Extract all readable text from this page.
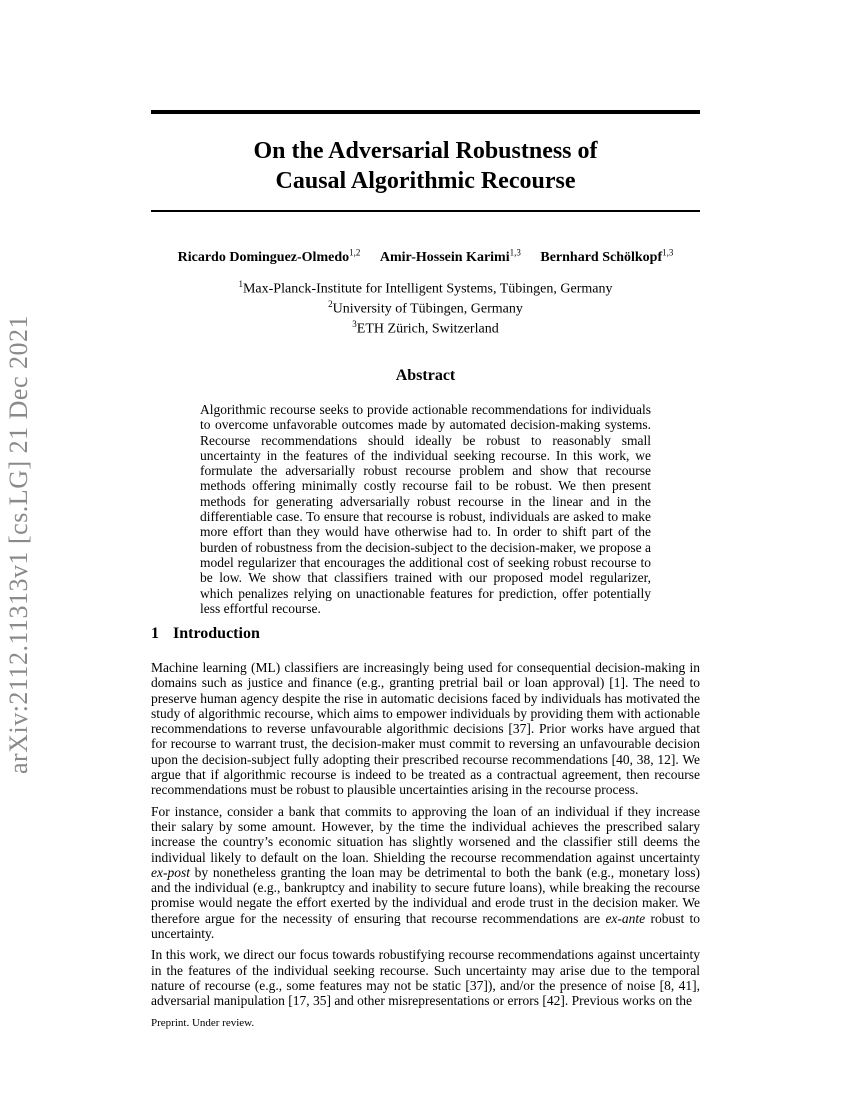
arXiv:2112.11313v1 [cs.LG] 21 Dec 2021
On the Adversarial Robustness of
Causal Algorithmic Recourse
Ricardo Dominguez-Olmedo$^{1,2}$ Amir-Hossein Karimi$^{1,3}$ Bernhard Schölkopf$^{1,3}$
$^1$Max-Planck-Institute for Intelligent Systems, Tübingen, Germany
$^2$University of Tübingen, Germany
$^3$ETH Zürich, Switzerland
Abstract
Algorithmic recourse seeks to provide actionable recommendations for individuals to overcome unfavorable outcomes made by automated decision-making systems. Recourse recommendations should ideally be robust to reasonably small uncertainty in the features of the individual seeking recourse. In this work, we formulate the adversarially robust recourse problem and show that recourse methods offering minimally costly recourse fail to be robust. We then present methods for generating adversarially robust recourse in the linear and in the differentiable case. To ensure that recourse is robust, individuals are asked to make more effort than they would have otherwise had to. In order to shift part of the burden of robustness from the decision-subject to the decision-maker, we propose a model regularizer that encourages the additional cost of seeking robust recourse to be low. We show that classifiers trained with our proposed model regularizer, which penalizes relying on unactionable features for prediction, offer potentially less effortful recourse.
1 Introduction

Machine learning (ML) classifiers are increasingly being used for consequential decision-making in domains such as justice and finance (e.g., granting pretrial bail or loan approval) [1]. The need to preserve human agency despite the rise in automatic decisions faced by individuals has motivated the study of algorithmic recourse, which aims to empower individuals by providing them with actionable recommendations to reverse unfavourable algorithmic decisions [37]. Prior works have argued that for recourse to warrant trust, the decision-maker must commit to reversing an unfavourable decision upon the decision-subject fully adopting their prescribed recourse recommendations [40, 38, 12]. We argue that if algorithmic recourse is indeed to be treated as a contractual agreement, then recourse recommendations must be robust to plausible uncertainties arising in the recourse process.

For instance, consider a bank that commits to approving the loan of an individual if they increase their salary by some amount. However, by the time the individual achieves the prescribed salary increase the country’s economic situation has slightly worsened and the classifier still deems the individual likely to default on the loan. Shielding the recourse recommendation against uncertainty ex-post by nonetheless granting the loan may be detrimental to both the bank (e.g., monetary loss) and the individual (e.g., bankruptcy and inability to secure future loans), while breaking the recourse promise would negate the effort exerted by the individual and erode trust in the decision maker. We therefore argue for the necessity of ensuring that recourse recommendations are ex-ante robust to uncertainty.

In this work, we direct our focus towards robustifying recourse recommendations against uncertainty in the features of the individual seeking recourse. Such uncertainty may arise due to the temporal nature of recourse (e.g., some features may not be static [37]), and/or the presence of noise [8, 41], adversarial manipulation [17, 35] and other misrepresentations or errors [42]. Previous works on the

Preprint. Under review.
